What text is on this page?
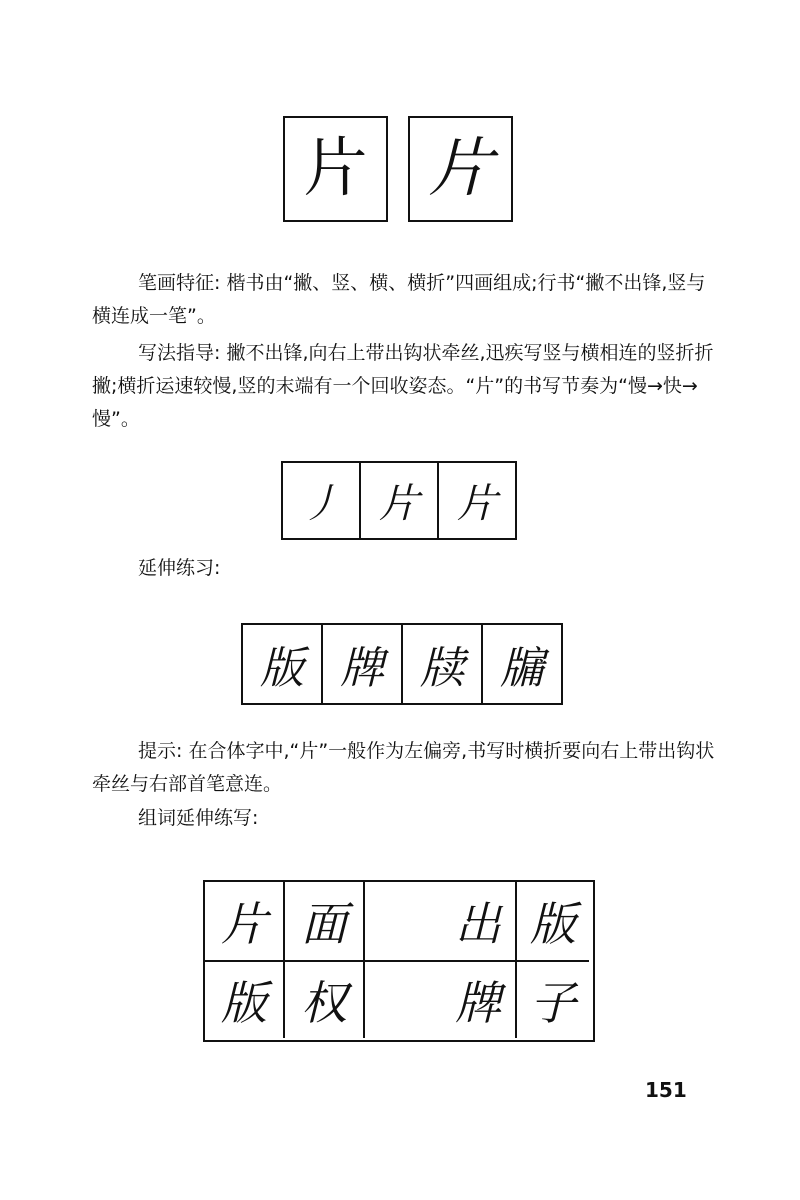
片 片
笔画特征: 楷书由“撇、竖、横、横折”四画组成;行书“撇不出锋,竖与横连成一笔”。
写法指导: 撇不出锋,向右上带出钩状牵丝,迅疾写竖与横相连的竖折折撇;横折运速较慢,竖的末端有一个回收姿态。“片”的书写节奏为“慢→快→慢”。
丿 片 片
延伸练习:
版 牌 牍 牖
提示: 在合体字中,“片”一般作为左偏旁,书写时横折要向右上带出钩状牵丝与右部首笔意连。
组词延伸练写:
片 面	出 版
版 权	牌 子
151
